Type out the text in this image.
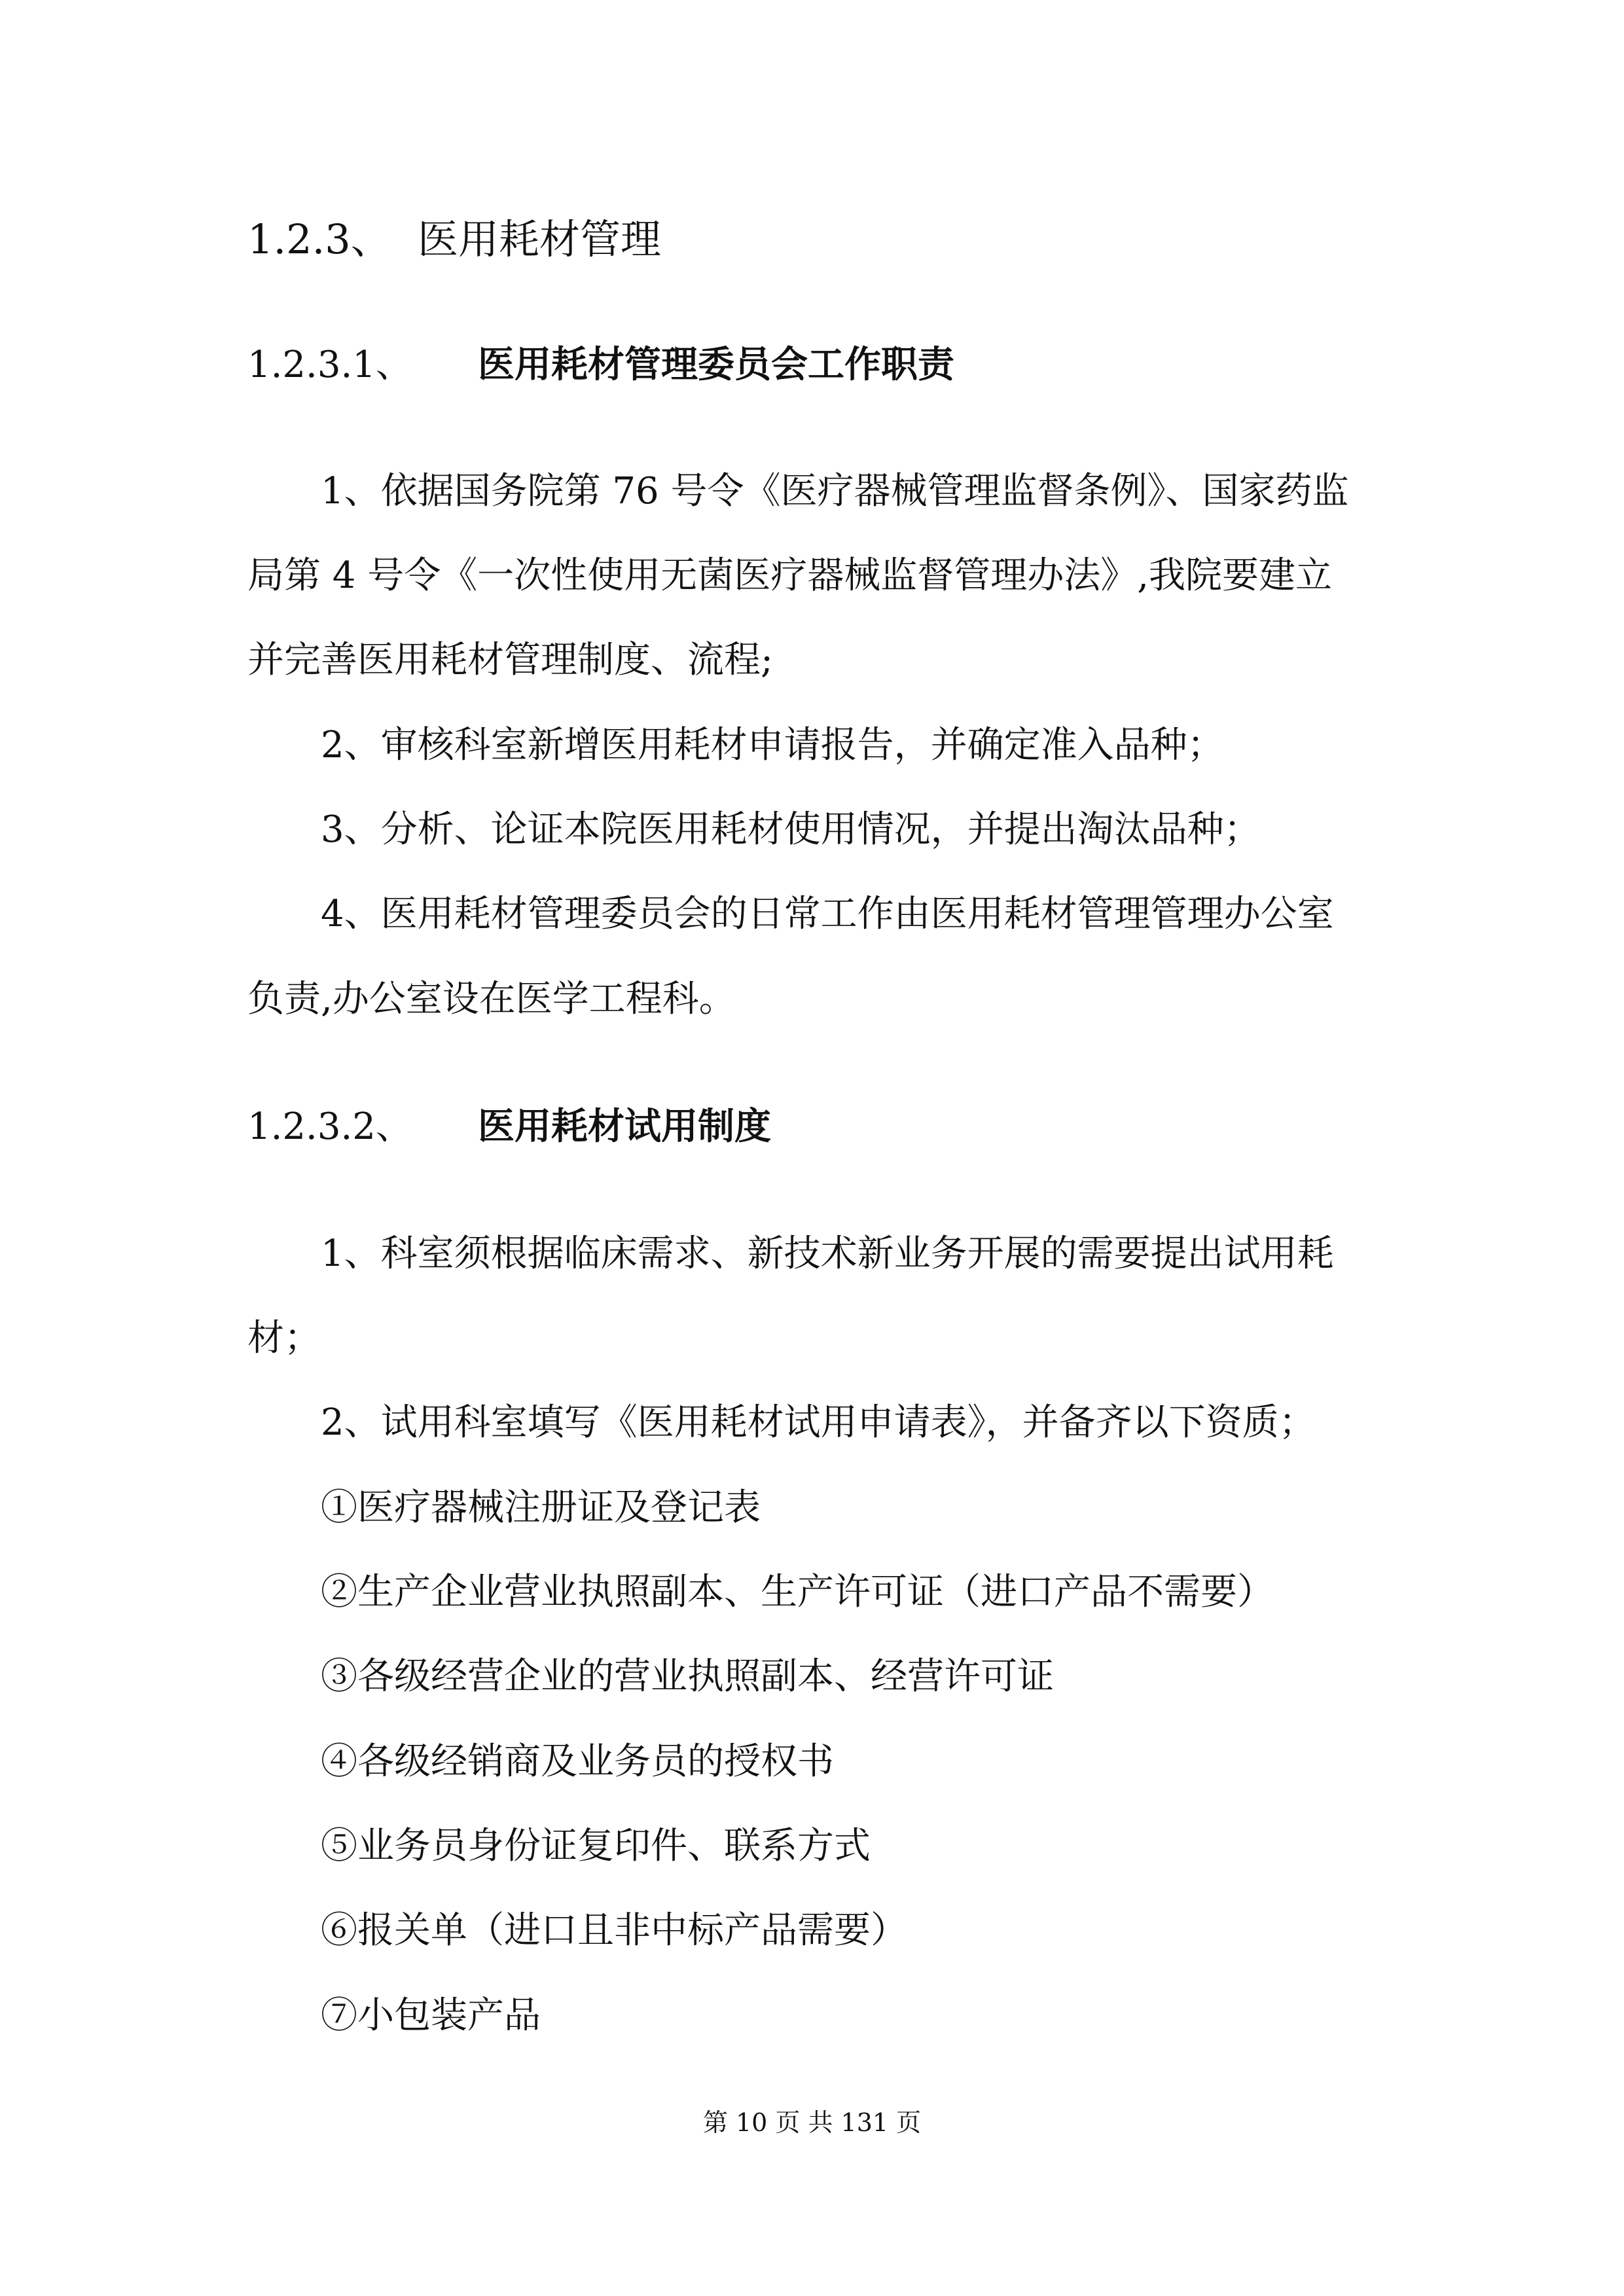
1.2.3、 医用耗材管理
1.2.3.1、 医用耗材管理委员会工作职责
1、依据国务院第 76 号令《医疗器械管理监督条例》、国家药监
局第 4 号令《一次性使用无菌医疗器械监督管理办法》,我院要建立
并完善医用耗材管理制度、流程;
2、审核科室新增医用耗材申请报告，并确定准入品种；
3、分析、论证本院医用耗材使用情况，并提出淘汰品种；
4、医用耗材管理委员会的日常工作由医用耗材管理管理办公室
负责,办公室设在医学工程科。
1.2.3.2、 医用耗材试用制度
1、科室须根据临床需求、新技术新业务开展的需要提出试用耗
材；
2、试用科室填写《医用耗材试用申请表》，并备齐以下资质；
①医疗器械注册证及登记表
②生产企业营业执照副本、生产许可证（进口产品不需要）
③各级经营企业的营业执照副本、经营许可证
④各级经销商及业务员的授权书
⑤业务员身份证复印件、联系方式
⑥报关单（进口且非中标产品需要）
⑦小包装产品
第 10 页 共 131 页
